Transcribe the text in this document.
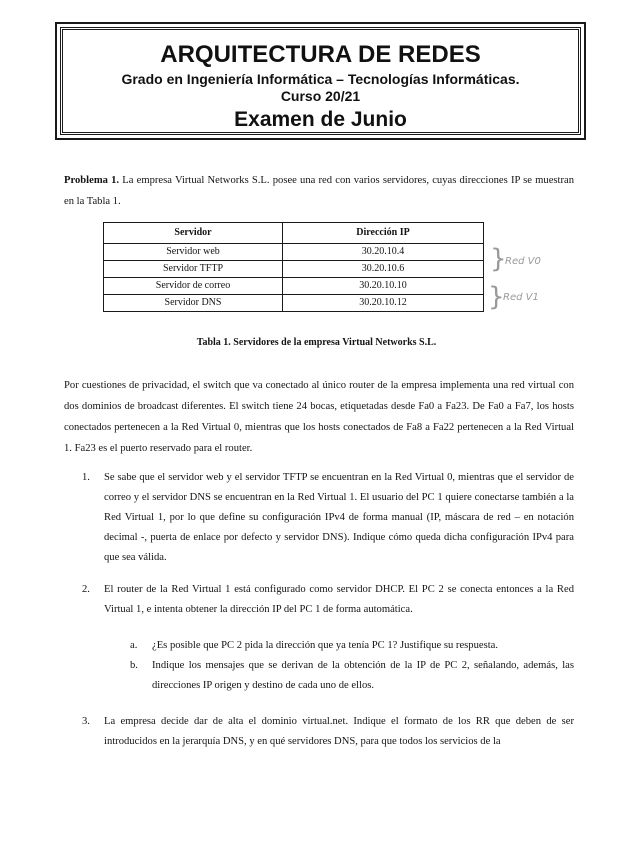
ARQUITECTURA DE REDES
Grado en Ingeniería Informática – Tecnologías Informáticas.
Curso 20/21
Examen de Junio
Problema 1. La empresa Virtual Networks S.L. posee una red con varios servidores, cuyas direcciones IP se muestran en la Tabla 1.
Servidor	Dirección IP
Servidor web	30.20.10.4
Servidor TFTP	30.20.10.6
Servidor de correo	30.20.10.10
Servidor DNS	30.20.10.12
}
Red V0
}
Red V1
Tabla 1. Servidores de la empresa Virtual Networks S.L.
Por cuestiones de privacidad, el switch que va conectado al único router de la empresa implementa una red virtual con dos dominios de broadcast diferentes. El switch tiene 24 bocas, etiquetadas desde Fa0 a Fa23. De Fa0 a Fa7, los hosts conectados pertenecen a la Red Virtual 0, mientras que los hosts conectados de Fa8 a Fa22 pertenecen a la Red Virtual 1. Fa23 es el puerto reservado para el router.
1. Se sabe que el servidor web y el servidor TFTP se encuentran en la Red Virtual 0, mientras que el servidor de correo y el servidor DNS se encuentran en la Red Virtual 1. El usuario del PC 1 quiere conectarse también a la Red Virtual 1, por lo que define su configuración IPv4 de forma manual (IP, máscara de red – en notación decimal -, puerta de enlace por defecto y servidor DNS). Indique cómo queda dicha configuración IPv4 para que sea válida.
2. El router de la Red Virtual 1 está configurado como servidor DHCP. El PC 2 se conecta entonces a la Red Virtual 1, e intenta obtener la dirección IP del PC 1 de forma automática.
a. ¿Es posible que PC 2 pida la dirección que ya tenía PC 1? Justifique su respuesta.
b. Indique los mensajes que se derivan de la obtención de la IP de PC 2, señalando, además, las direcciones IP origen y destino de cada uno de ellos.
3. La empresa decide dar de alta el dominio virtual.net. Indique el formato de los RR que deben de ser introducidos en la jerarquía DNS, y en qué servidores DNS, para que todos los servicios de la
